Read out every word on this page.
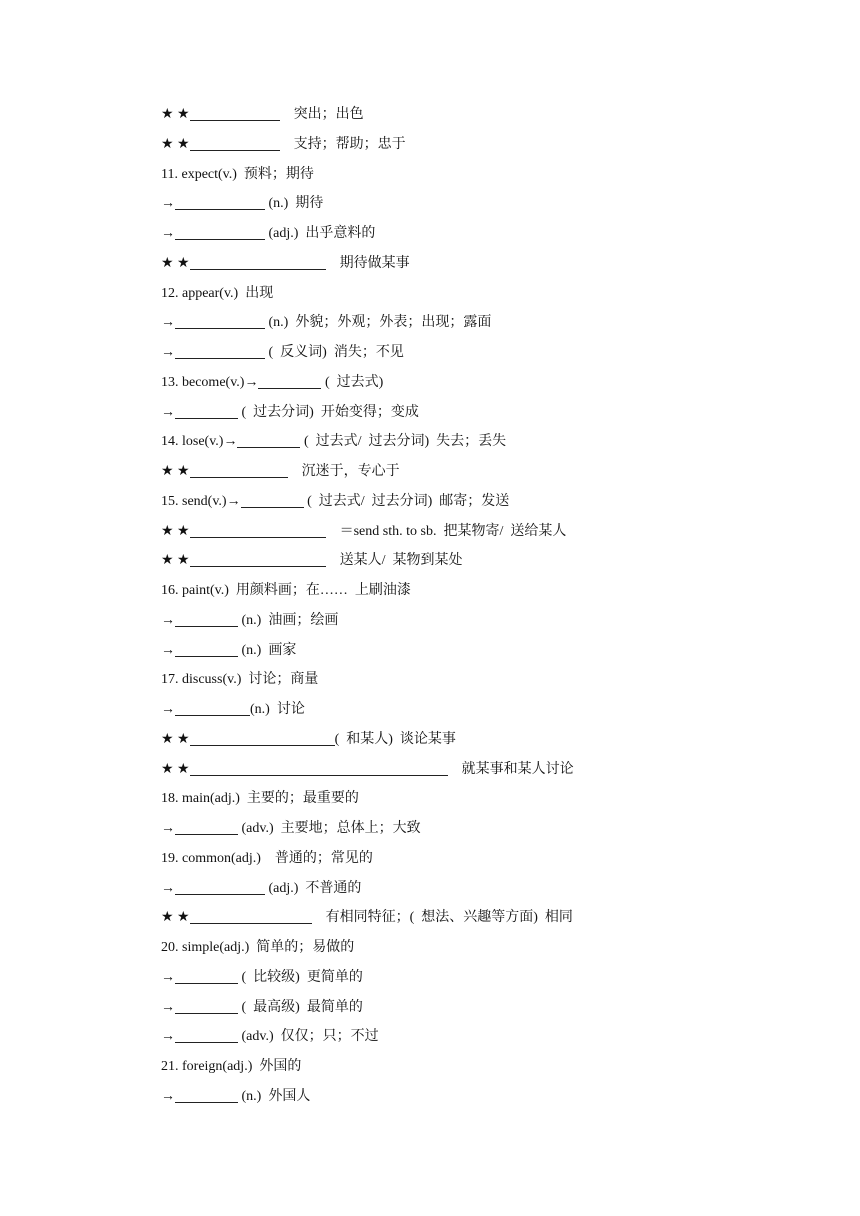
★ ★	　突出；出色
★ ★	　支持；帮助；忠于
11. expect(v.)  预料；期待
→	(n.)  期待
→	(adj.)  出乎意料的
★ ★	　期待做某事
12. appear(v.)  出现
→	(n.)  外貌；外观；外表；出现；露面
→	(  反义词)  消失；不见
13. become(v.)→	(  过去式)
→	(  过去分词)  开始变得；变成
14. lose(v.)→	(  过去式/  过去分词)  失去；丢失
★ ★	　沉迷于，专心于
15. send(v.)→	(  过去式/  过去分词)  邮寄；发送
★ ★	　＝send sth. to sb.  把某物寄/  送给某人
★ ★	　送某人/  某物到某处
16. paint(v.)  用颜料画；在……  上刷油漆
→	(n.)  油画；绘画
→	(n.)  画家
17. discuss(v.)  讨论；商量
→	(n.)  讨论
★ ★	(  和某人)  谈论某事
★ ★	　就某事和某人讨论
18. main(adj.)  主要的；最重要的
→	(adv.)  主要地；总体上；大致
19. common(adj.)    普通的；常见的
→	(adj.)  不普通的
★ ★	　有相同特征；(  想法、兴趣等方面)  相同
20. simple(adj.)  简单的；易做的
→	(  比较级)  更简单的
→	(  最高级)  最简单的
→	(adv.)  仅仅；只；不过
21. foreign(adj.)  外国的
→	(n.)  外国人
